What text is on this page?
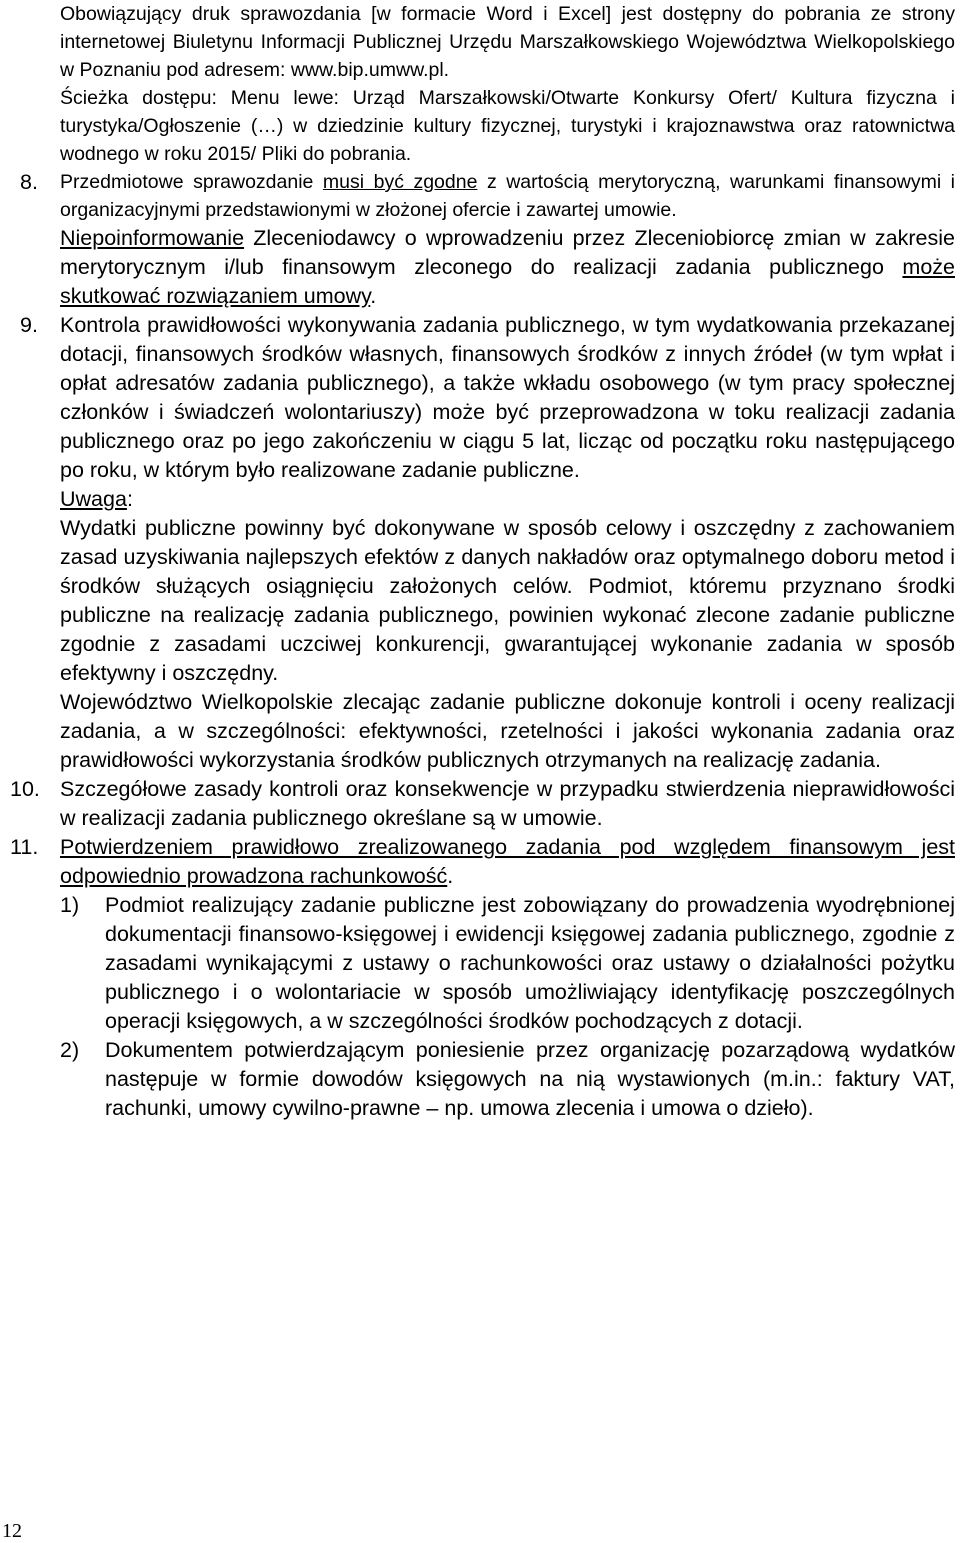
Obowiązujący druk sprawozdania [w formacie Word i Excel] jest dostępny do pobrania ze strony internetowej Biuletynu Informacji Publicznej Urzędu Marszałkowskiego Województwa Wielkopolskiego w Poznaniu pod adresem: www.bip.umww.pl.

Ścieżka dostępu: Menu lewe: Urząd Marszałkowski/Otwarte Konkursy Ofert/ Kultura fizyczna i turystyka/Ogłoszenie (…) w dziedzinie kultury fizycznej, turystyki i krajoznawstwa oraz ratownictwa wodnego w roku 2015/ Pliki do pobrania.

8. Przedmiotowe sprawozdanie musi być zgodne z wartością merytoryczną, warunkami finansowymi i organizacyjnymi przedstawionymi w złożonej ofercie i zawartej umowie.

Niepoinformowanie Zleceniodawcy o wprowadzeniu przez Zleceniobiorcę zmian w zakresie merytorycznym i/lub finansowym zleconego do realizacji zadania publicznego może skutkować rozwiązaniem umowy.

9. Kontrola prawidłowości wykonywania zadania publicznego, w tym wydatkowania przekazanej dotacji, finansowych środków własnych, finansowych środków z innych źródeł (w tym wpłat i opłat adresatów zadania publicznego), a także wkładu osobowego (w tym pracy społecznej członków i świadczeń wolontariuszy) może być przeprowadzona w toku realizacji zadania publicznego oraz po jego zakończeniu w ciągu 5 lat, licząc od początku roku następującego po roku, w którym było realizowane zadanie publiczne.

Uwaga:

Wydatki publiczne powinny być dokonywane w sposób celowy i oszczędny z zachowaniem zasad uzyskiwania najlepszych efektów z danych nakładów oraz optymalnego doboru metod i środków służących osiągnięciu założonych celów. Podmiot, któremu przyznano środki publiczne na realizację zadania publicznego, powinien wykonać zlecone zadanie publiczne zgodnie z zasadami uczciwej konkurencji, gwarantującej wykonanie zadania w sposób efektywny i oszczędny.

Województwo Wielkopolskie zlecając zadanie publiczne dokonuje kontroli i oceny realizacji zadania, a w szczególności: efektywności, rzetelności i jakości wykonania zadania oraz prawidłowości wykorzystania środków publicznych otrzymanych na realizację zadania.

10. Szczegółowe zasady kontroli oraz konsekwencje w przypadku stwierdzenia nieprawidłowości w realizacji zadania publicznego określane są w umowie.

11. Potwierdzeniem prawidłowo zrealizowanego zadania pod względem finansowym jest odpowiednio prowadzona rachunkowość.

1) Podmiot realizujący zadanie publiczne jest zobowiązany do prowadzenia wyodrębnionej dokumentacji finansowo-księgowej i ewidencji księgowej zadania publicznego, zgodnie z zasadami wynikającymi z ustawy o rachunkowości oraz ustawy o działalności pożytku publicznego i o wolontariacie w sposób umożliwiający identyfikację poszczególnych operacji księgowych, a w szczególności środków pochodzących z dotacji.

2) Dokumentem potwierdzającym poniesienie przez organizację pozarządową wydatków następuje w formie dowodów księgowych na nią wystawionych (m.in.: faktury VAT, rachunki, umowy cywilno-prawne – np. umowa zlecenia i umowa o dzieło).

12
